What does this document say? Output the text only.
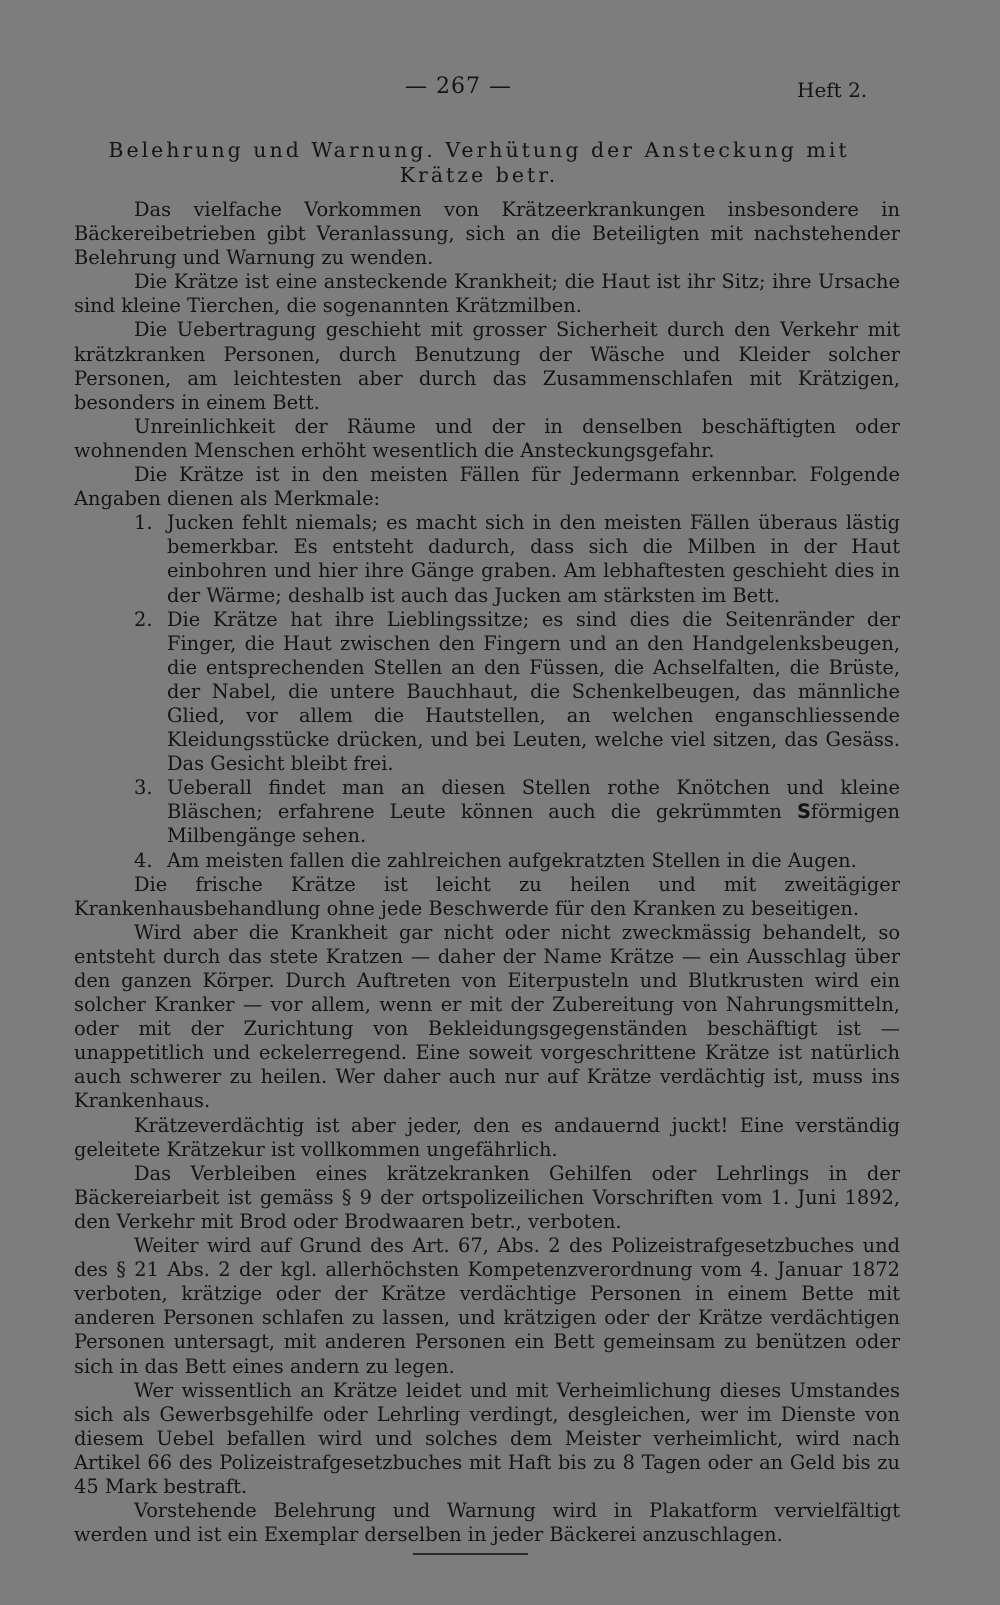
— 267 —	Heft 2.
Belehrung und Warnung. Verhütung der Ansteckung mit Krätze betr.

Das vielfache Vorkommen von Krätzeerkrankungen insbesondere in Bäckereibetrieben gibt Veranlassung, sich an die Beteiligten mit nachstehender Belehrung und Warnung zu wenden.

Die Krätze ist eine ansteckende Krankheit; die Haut ist ihr Sitz; ihre Ursache sind kleine Tierchen, die sogenannten Krätzmilben.

Die Uebertragung geschieht mit grosser Sicherheit durch den Verkehr mit krätzkranken Personen, durch Benutzung der Wäsche und Kleider solcher Personen, am leichtesten aber durch das Zusammenschlafen mit Krätzigen, besonders in einem Bett.

Unreinlichkeit der Räume und der in denselben beschäftigten oder wohnenden Menschen erhöht wesentlich die Ansteckungsgefahr.

Die Krätze ist in den meisten Fällen für Jedermann erkennbar. Folgende Angaben dienen als Merkmale:

1. Jucken fehlt niemals; es macht sich in den meisten Fällen überaus lästig bemerkbar. Es entsteht dadurch, dass sich die Milben in der Haut einbohren und hier ihre Gänge graben. Am lebhaftesten geschieht dies in der Wärme; deshalb ist auch das Jucken am stärksten im Bett.
2. Die Krätze hat ihre Lieblingssitze; es sind dies die Seitenränder der Finger, die Haut zwischen den Fingern und an den Handgelenksbeugen, die entsprechenden Stellen an den Füssen, die Achselfalten, die Brüste, der Nabel, die untere Bauchhaut, die Schenkelbeugen, das männliche Glied, vor allem die Hautstellen, an welchen enganschliessende Kleidungsstücke drücken, und bei Leuten, welche viel sitzen, das Gesäss. Das Gesicht bleibt frei.
3. Ueberall findet man an diesen Stellen rothe Knötchen und kleine Bläschen; erfahrene Leute können auch die gekrümmten Sförmigen Milbengänge sehen.
4. Am meisten fallen die zahlreichen aufgekratzten Stellen in die Augen.

Die frische Krätze ist leicht zu heilen und mit zweitägiger Krankenhausbehandlung ohne jede Beschwerde für den Kranken zu beseitigen.

Wird aber die Krankheit gar nicht oder nicht zweckmässig behandelt, so entsteht durch das stete Kratzen — daher der Name Krätze — ein Ausschlag über den ganzen Körper. Durch Auftreten von Eiterpusteln und Blutkrusten wird ein solcher Kranker — vor allem, wenn er mit der Zubereitung von Nahrungsmitteln, oder mit der Zurichtung von Bekleidungsgegenständen beschäftigt ist — unappetitlich und eckelerregend. Eine soweit vorgeschrittene Krätze ist natürlich auch schwerer zu heilen. Wer daher auch nur auf Krätze verdächtig ist, muss ins Krankenhaus.

Krätzeverdächtig ist aber jeder, den es andauernd juckt! Eine verständig geleitete Krätzekur ist vollkommen ungefährlich.

Das Verbleiben eines krätzekranken Gehilfen oder Lehrlings in der Bäckereiarbeit ist gemäss § 9 der ortspolizeilichen Vorschriften vom 1. Juni 1892, den Verkehr mit Brod oder Brodwaaren betr., verboten.

Weiter wird auf Grund des Art. 67, Abs. 2 des Polizeistrafgesetzbuches und des § 21 Abs. 2 der kgl. allerhöchsten Kompetenzverordnung vom 4. Januar 1872 verboten, krätzige oder der Krätze verdächtige Personen in einem Bette mit anderen Personen schlafen zu lassen, und krätzigen oder der Krätze verdächtigen Personen untersagt, mit anderen Personen ein Bett gemeinsam zu benützen oder sich in das Bett eines andern zu legen.

Wer wissentlich an Krätze leidet und mit Verheimlichung dieses Umstandes sich als Gewerbsgehilfe oder Lehrling verdingt, desgleichen, wer im Dienste von diesem Uebel befallen wird und solches dem Meister verheimlicht, wird nach Artikel 66 des Polizeistrafgesetzbuches mit Haft bis zu 8 Tagen oder an Geld bis zu 45 Mark bestraft.

Vorstehende Belehrung und Warnung wird in Plakatform vervielfältigt werden und ist ein Exemplar derselben in jeder Bäckerei anzuschlagen.
